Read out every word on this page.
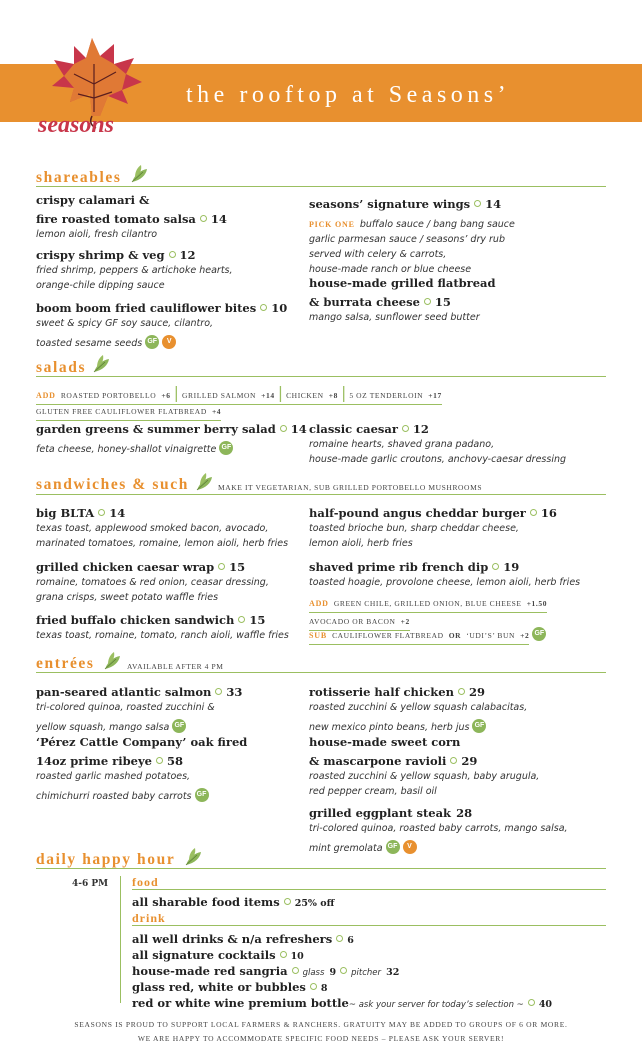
the rooftop at Seasons’
seasons
shareables
crispy calamari &
fire roasted tomato salsa 14
lemon aioli, fresh cilantro
crispy shrimp & veg 12
fried shrimp, peppers & artichoke hearts,
orange-chile dipping sauce
boom boom fried cauliflower bites 10
sweet & spicy GF soy sauce, cilantro,
toasted sesame seeds GF V
seasons’ signature wings 14
PICK ONE buffalo sauce / bang bang sauce
garlic parmesan sauce / seasons’ dry rub
served with celery & carrots,
house-made ranch or blue cheese
house-made grilled flatbread
& burrata cheese 15
mango salsa, sunflower seed butter
salads
ADD ROASTED PORTOBELLO +6 | GRILLED SALMON +14 | CHICKEN +8 | 5 OZ TENDERLOIN +17
GLUTEN FREE CAULIFLOWER FLATBREAD +4
garden greens & summer berry salad 14
feta cheese, honey-shallot vinaigrette GF
classic caesar 12
romaine hearts, shaved grana padano,
house-made garlic croutons, anchovy-caesar dressing
sandwiches & such	MAKE IT VEGETARIAN, SUB GRILLED PORTOBELLO MUSHROOMS
big BLTA 14
texas toast, applewood smoked bacon, avocado,
marinated tomatoes, romaine, lemon aioli, herb fries
grilled chicken caesar wrap 15
romaine, tomatoes & red onion, ceasar dressing,
grana crisps, sweet potato waffle fries
fried buffalo chicken sandwich 15
texas toast, romaine, tomato, ranch aioli, waffle fries
half-pound angus cheddar burger 16
toasted brioche bun, sharp cheddar cheese,
lemon aioli, herb fries
shaved prime rib french dip 19
toasted hoagie, provolone cheese, lemon aioli, herb fries
ADD GREEN CHILE, GRILLED ONION, BLUE CHEESE +1.50
AVOCADO OR BACON +2
SUB CAULIFLOWER FLATBREAD OR ‘UDI’S’ BUN +2 GF
entrées	AVAILABLE AFTER 4 PM
pan-seared atlantic salmon 33
tri-colored quinoa, roasted zucchini &
yellow squash, mango salsa GF
‘Pérez Cattle Company’ oak fired
14oz prime ribeye 58
roasted garlic mashed potatoes,
chimichurri roasted baby carrots GF
rotisserie half chicken 29
roasted zucchini & yellow squash calabacitas,
new mexico pinto beans, herb jus GF
house-made sweet corn
& mascarpone ravioli 29
roasted zucchini & yellow squash, baby arugula,
red pepper cream, basil oil
grilled eggplant steak 28
tri-colored quinoa, roasted baby carrots, mango salsa,
mint gremolata GF V
daily happy hour
4-6 PM food
all sharable food items 25% off
drink
all well drinks & n/a refreshers 6
all signature cocktails 10
house-made red sangria glass 9 pitcher 32
glass red, white or bubbles 8
red or white wine premium bottle~ ask your server for today’s selection ~ 40
SEASONS IS PROUD TO SUPPORT LOCAL FARMERS & RANCHERS. GRATUITY MAY BE ADDED TO GROUPS OF 6 OR MORE.
WE ARE HAPPY TO ACCOMMODATE SPECIFIC FOOD NEEDS – PLEASE ASK YOUR SERVER!
